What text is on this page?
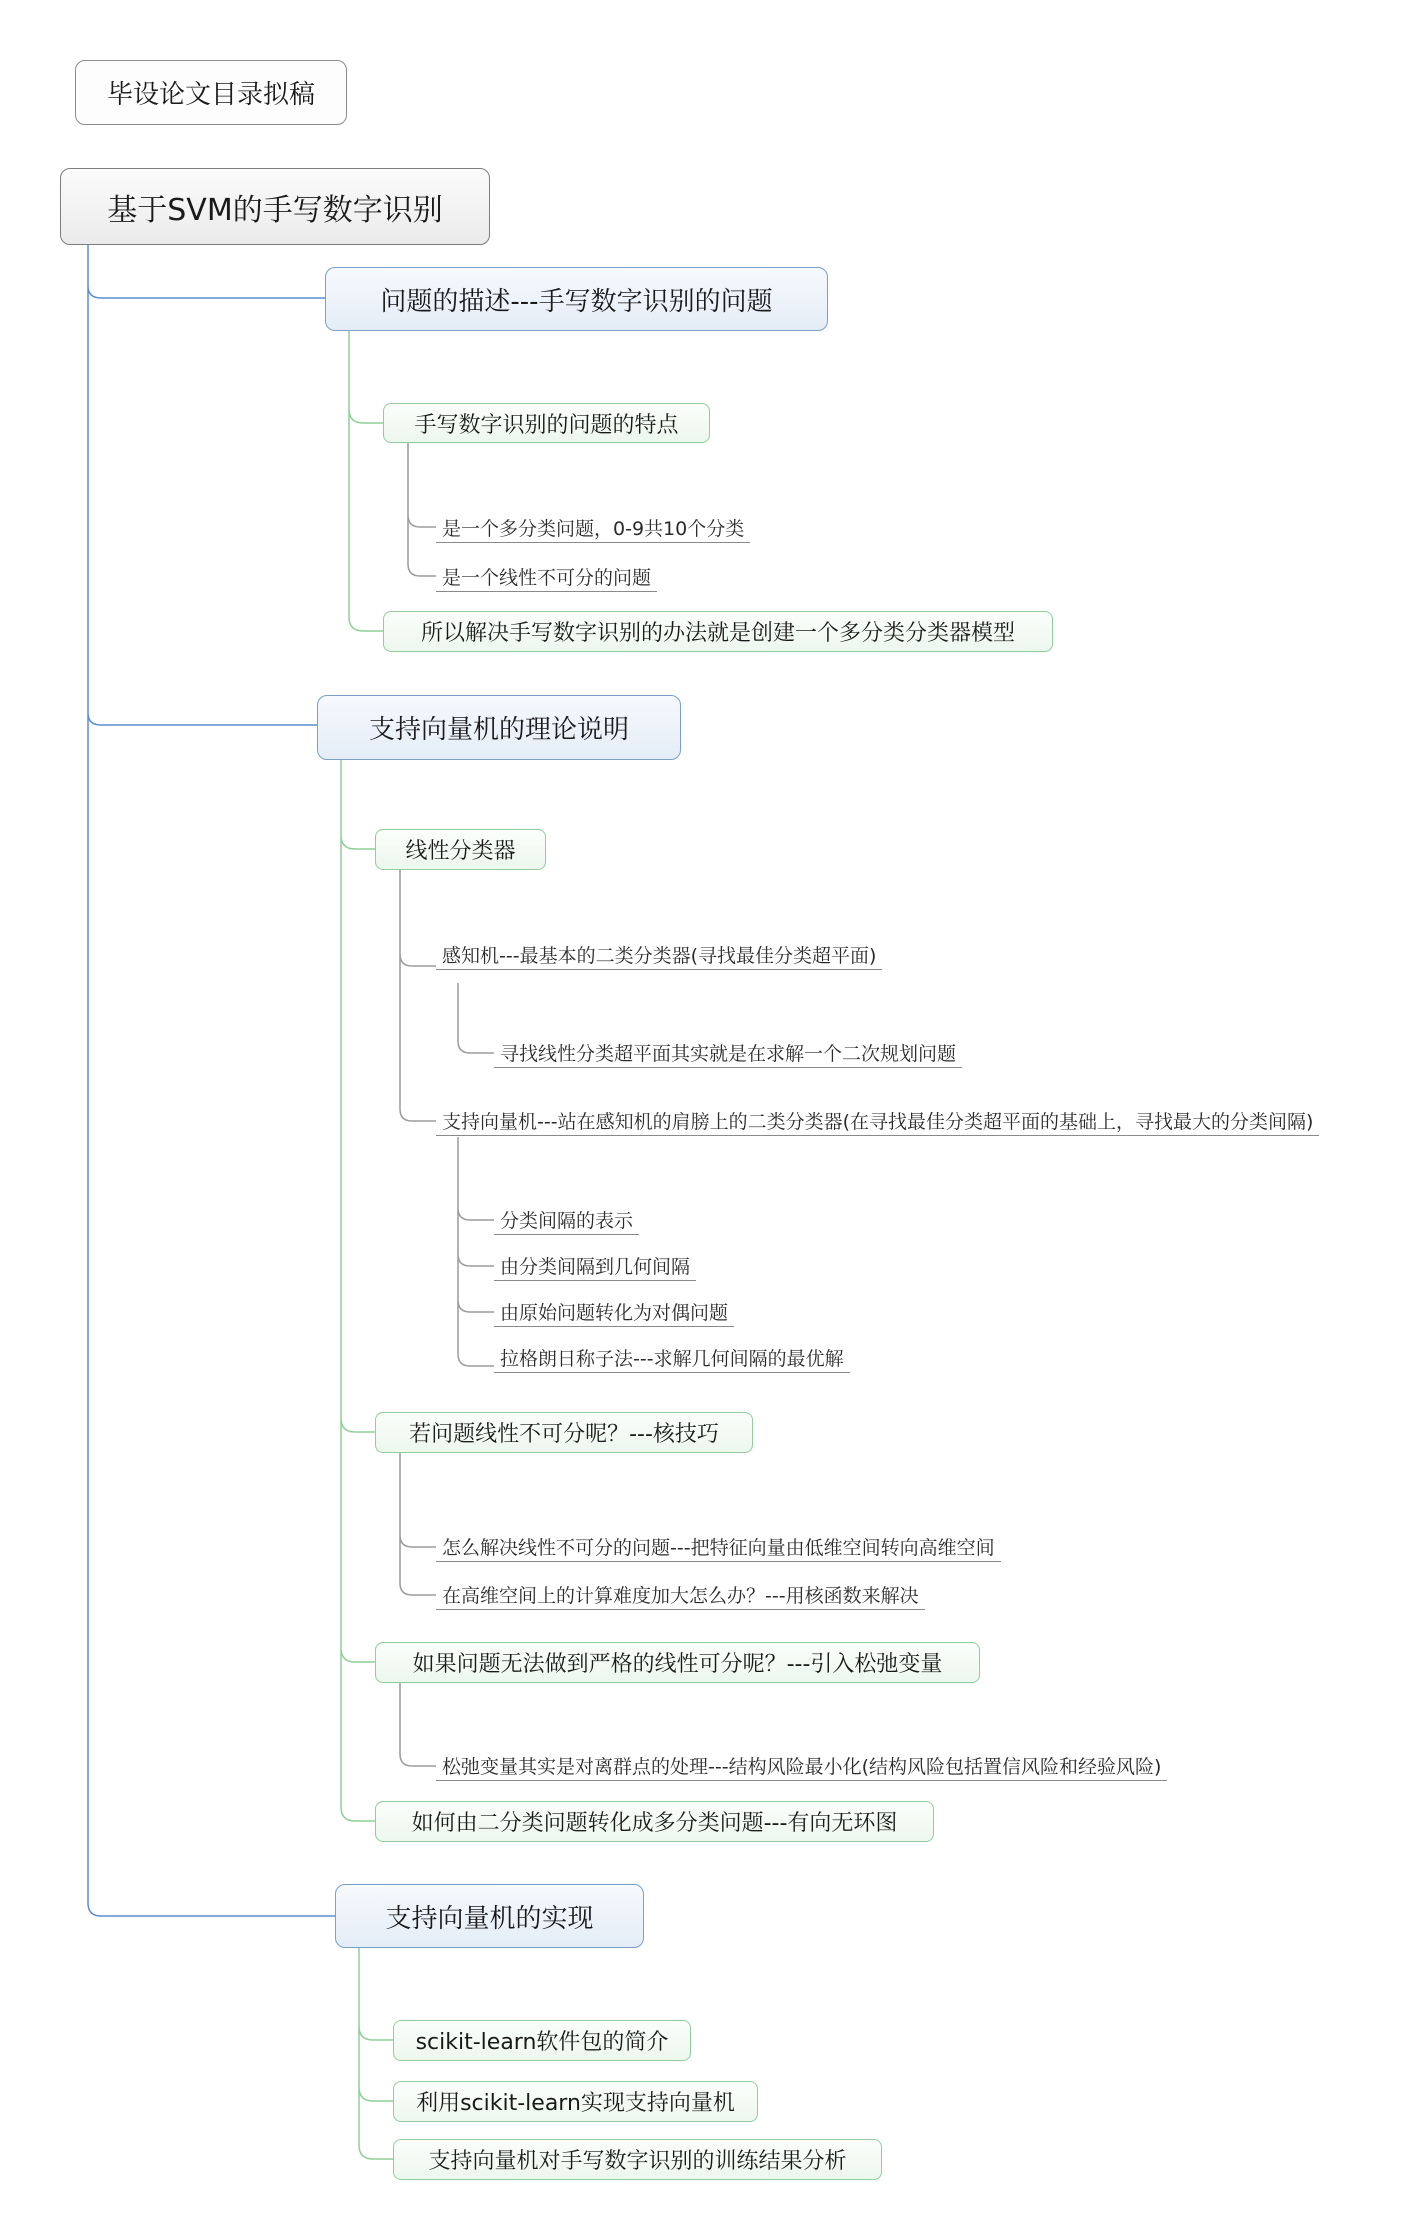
毕设论文目录拟稿
基于SVM的手写数字识别
问题的描述---手写数字识别的问题
手写数字识别的问题的特点
是一个多分类问题，0-9共10个分类
是一个线性不可分的问题
所以解决手写数字识别的办法就是创建一个多分类分类器模型
支持向量机的理论说明
线性分类器
感知机---最基本的二类分类器(寻找最佳分类超平面)
寻找线性分类超平面其实就是在求解一个二次规划问题
支持向量机---站在感知机的肩膀上的二类分类器(在寻找最佳分类超平面的基础上，寻找最大的分类间隔)
分类间隔的表示
由分类间隔到几何间隔
由原始问题转化为对偶问题
拉格朗日称子法---求解几何间隔的最优解
若问题线性不可分呢？---核技巧
怎么解决线性不可分的问题---把特征向量由低维空间转向高维空间
在高维空间上的计算难度加大怎么办？---用核函数来解决
如果问题无法做到严格的线性可分呢？---引入松弛变量
松弛变量其实是对离群点的处理---结构风险最小化(结构风险包括置信风险和经验风险)
如何由二分类问题转化成多分类问题---有向无环图
支持向量机的实现
scikit-learn软件包的简介
利用scikit-learn实现支持向量机
支持向量机对手写数字识别的训练结果分析
